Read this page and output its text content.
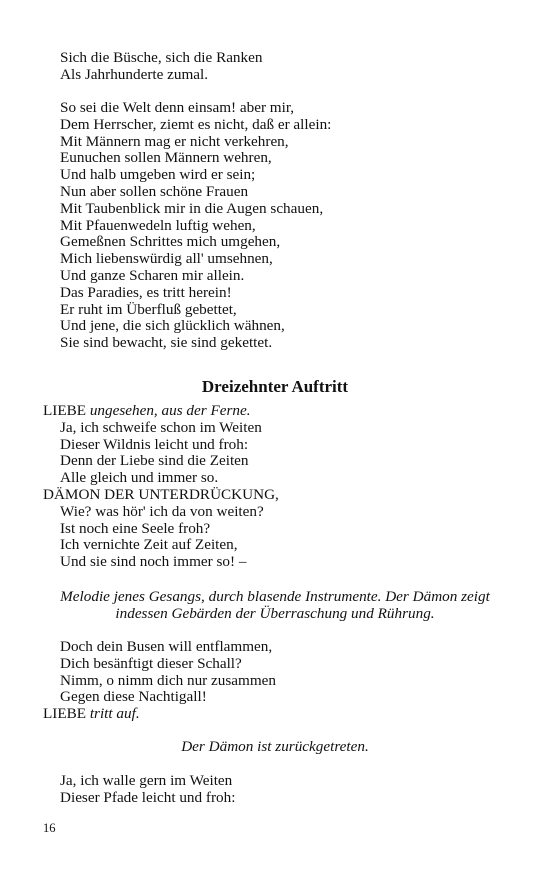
Sich die Büsche, sich die Ranken
Als Jahrhunderte zumal.
So sei die Welt denn einsam! aber mir,
Dem Herrscher, ziemt es nicht, daß er allein:
Mit Männern mag er nicht verkehren,
Eunuchen sollen Männern wehren,
Und halb umgeben wird er sein;
Nun aber sollen schöne Frauen
Mit Taubenblick mir in die Augen schauen,
Mit Pfauenwedeln luftig wehen,
Gemeßnen Schrittes mich umgehen,
Mich liebenswürdig all' umsehnen,
Und ganze Scharen mir allein.
Das Paradies, es tritt herein!
Er ruht im Überfluß gebettet,
Und jene, die sich glücklich wähnen,
Sie sind bewacht, sie sind gekettet.
Dreizehnter Auftritt
LIEBE ungesehen, aus der Ferne.
Ja, ich schweife schon im Weiten
Dieser Wildnis leicht und froh:
Denn der Liebe sind die Zeiten
Alle gleich und immer so.
DÄMON DER UNTERDRÜCKUNG,
Wie? was hör' ich da von weiten?
Ist noch eine Seele froh?
Ich vernichte Zeit auf Zeiten,
Und sie sind noch immer so! –
Melodie jenes Gesangs, durch blasende Instrumente. Der Dämon zeigt
indessen Gebärden der Überraschung und Rührung.
Doch dein Busen will entflammen,
Dich besänftigt dieser Schall?
Nimm, o nimm dich nur zusammen
Gegen diese Nachtigall!
LIEBE tritt auf.
Der Dämon ist zurückgetreten.
Ja, ich walle gern im Weiten
Dieser Pfade leicht und froh:
16
